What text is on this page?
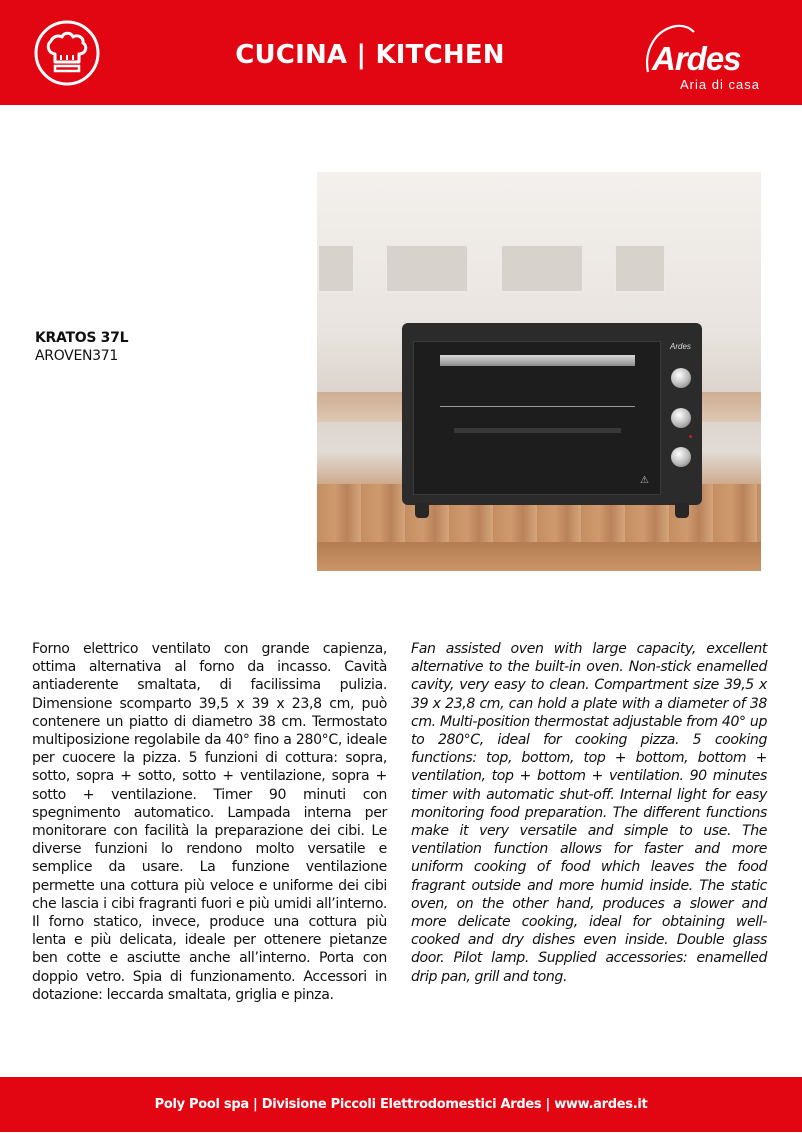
CUCINA | KITCHEN	Ardes
Aria di casa
KRATOS 37L
AROVEN371
⚠
Ardes
Forno elettrico ventilato con grande capienza, ottima alternativa al forno da incasso. Cavità antiaderente smaltata, di facilissima pulizia. Dimensione scomparto 39,5 x 39 x 23,8 cm, può contenere un piatto di diametro 38 cm. Termostato multiposizione regolabile da 40° fino a 280°C, ideale per cuocere la pizza. 5 funzioni di cottura: sopra, sotto, sopra + sotto, sotto + ventilazione, sopra + sotto + ventilazione. Timer 90 minuti con spegnimento automatico. Lampada interna per monitorare con facilità la preparazione dei cibi. Le diverse funzioni lo rendono molto versatile e semplice da usare. La funzione ventilazione permette una cottura più veloce e uniforme dei cibi che lascia i cibi fragranti fuori e più umidi all’interno. Il forno statico, invece, produce una cottura più lenta e più delicata, ideale per ottenere pietanze ben cotte e asciutte anche all’interno. Porta con doppio vetro. Spia di funzionamento. Accessori in dotazione: leccarda smaltata, griglia e pinza.
Fan assisted oven with large capacity, excellent alternative to the built-in oven. Non-stick enamelled cavity, very easy to clean. Compartment size 39,5 x 39 x 23,8 cm, can hold a plate with a diameter of 38 cm. Multi-position thermostat adjustable from 40° up to 280°C, ideal for cooking pizza. 5 cooking functions: top, bottom, top + bottom, bottom + ventilation, top + bottom + ventilation. 90 minutes timer with automatic shut-off. Internal light for easy monitoring food preparation. The different functions make it very versatile and simple to use. The ventilation function allows for faster and more uniform cooking of food which leaves the food fragrant outside and more humid inside. The static oven, on the other hand, produces a slower and more delicate cooking, ideal for obtaining well-cooked and dry dishes even inside. Double glass door. Pilot lamp. Supplied accessories: enamelled drip pan, grill and tong.
Poly Pool spa | Divisione Piccoli Elettrodomestici Ardes | www.ardes.it
